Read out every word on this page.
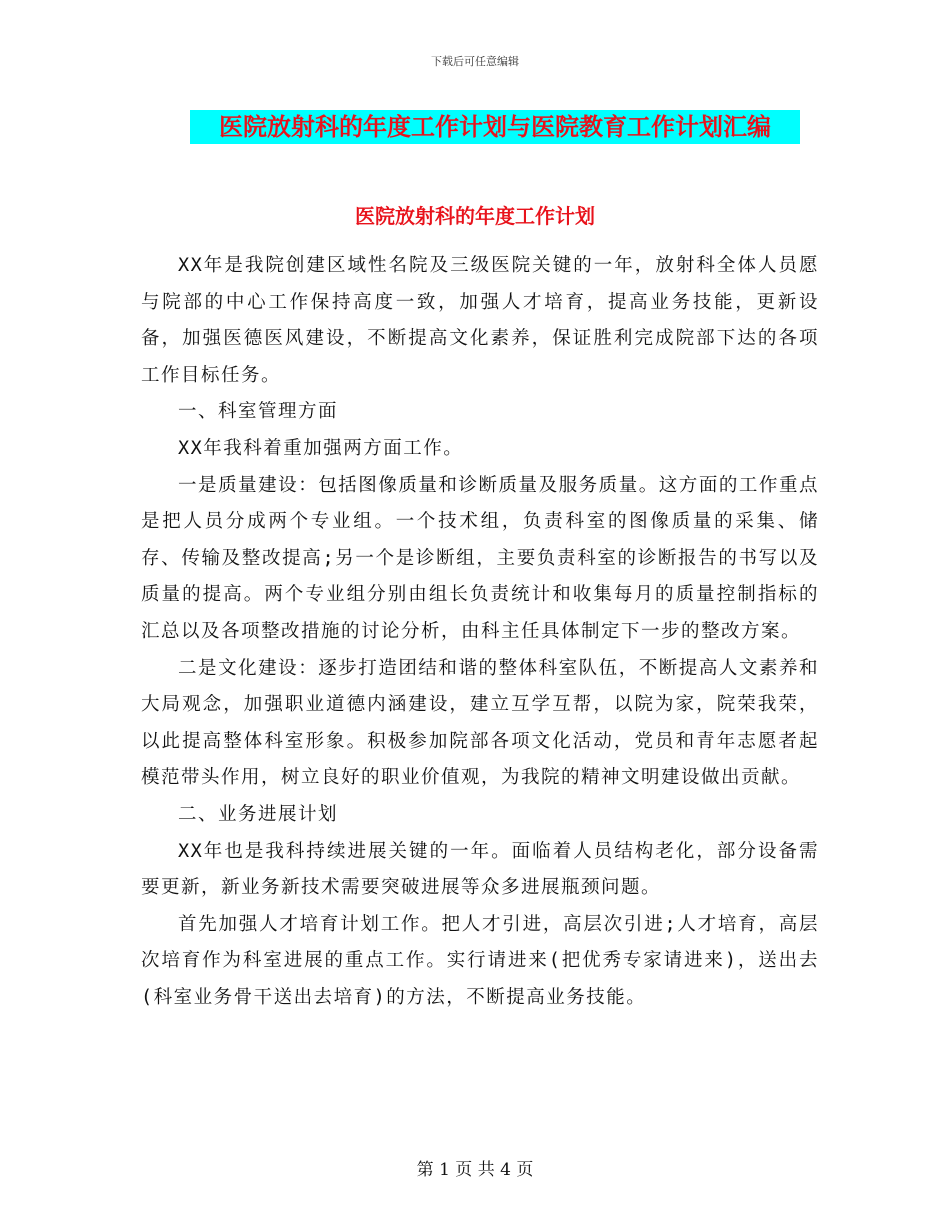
下载后可任意编辑
医院放射科的年度工作计划与医院教育工作计划汇编
医院放射科的年度工作计划

XX年是我院创建区域性名院及三级医院关键的一年，放射科全体人员愿与院部的中心工作保持高度一致，加强人才培育，提高业务技能，更新设备，加强医德医风建设，不断提高文化素养，保证胜利完成院部下达的各项工作目标任务。

一、科室管理方面

XX年我科着重加强两方面工作。

一是质量建设：包括图像质量和诊断质量及服务质量。这方面的工作重点是把人员分成两个专业组。一个技术组，负责科室的图像质量的采集、储存、传输及整改提高;另一个是诊断组，主要负责科室的诊断报告的书写以及质量的提高。两个专业组分别由组长负责统计和收集每月的质量控制指标的汇总以及各项整改措施的讨论分析，由科主任具体制定下一步的整改方案。

二是文化建设：逐步打造团结和谐的整体科室队伍，不断提高人文素养和大局观念，加强职业道德内涵建设，建立互学互帮，以院为家，院荣我荣，以此提高整体科室形象。积极参加院部各项文化活动，党员和青年志愿者起模范带头作用，树立良好的职业价值观，为我院的精神文明建设做出贡献。

二、业务进展计划

XX年也是我科持续进展关键的一年。面临着人员结构老化，部分设备需要更新，新业务新技术需要突破进展等众多进展瓶颈问题。

首先加强人才培育计划工作。把人才引进，高层次引进;人才培育，高层次培育作为科室进展的重点工作。实行请进来(把优秀专家请进来)，送出去(科室业务骨干送出去培育)的方法，不断提高业务技能。

第 1 页 共 4 页
